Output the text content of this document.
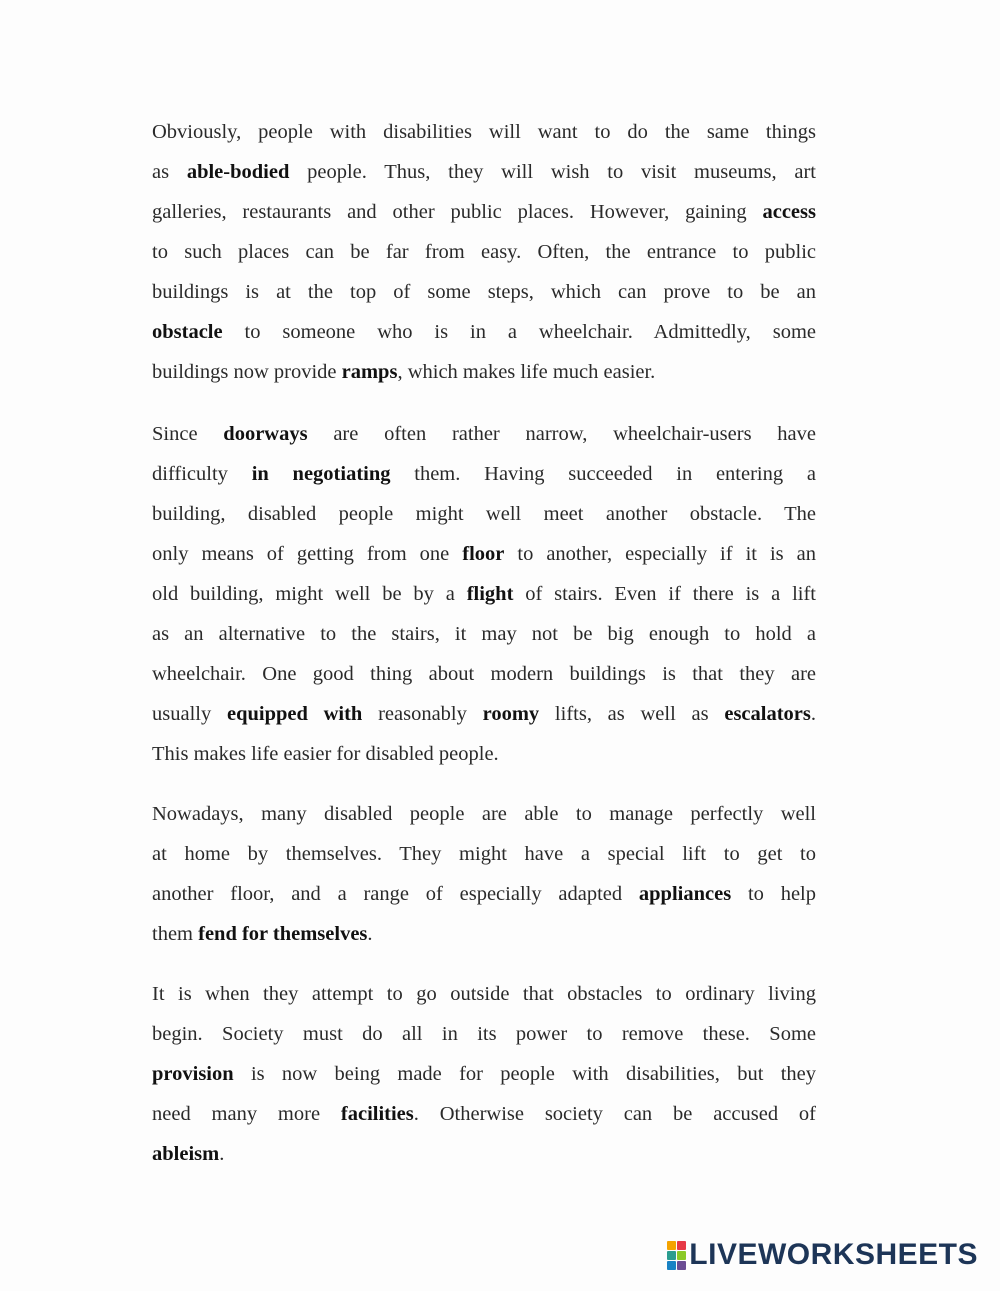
Obviously, people with disabilities will want to do the same things
as able-bodied people. Thus, they will wish to visit museums, art
galleries, restaurants and other public places. However, gaining access
to such places can be far from easy. Often, the entrance to public
buildings is at the top of some steps, which can prove to be an
obstacle to someone who is in a wheelchair. Admittedly, some
buildings now provide ramps, which makes life much easier.
Since doorways are often rather narrow, wheelchair-users have
difficulty in negotiating them. Having succeeded in entering a
building, disabled people might well meet another obstacle. The
only means of getting from one floor to another, especially if it is an
old building, might well be by a flight of stairs. Even if there is a lift
as an alternative to the stairs, it may not be big enough to hold a
wheelchair. One good thing about modern buildings is that they are
usually equipped with reasonably roomy lifts, as well as escalators.
This makes life easier for disabled people.
Nowadays, many disabled people are able to manage perfectly well
at home by themselves. They might have a special lift to get to
another floor, and a range of especially adapted appliances to help
them fend for themselves.
It is when they attempt to go outside that obstacles to ordinary living
begin. Society must do all in its power to remove these. Some
provision is now being made for people with disabilities, but they
need many more facilities. Otherwise society can be accused of
ableism.
LIVEWORKSHEETS
